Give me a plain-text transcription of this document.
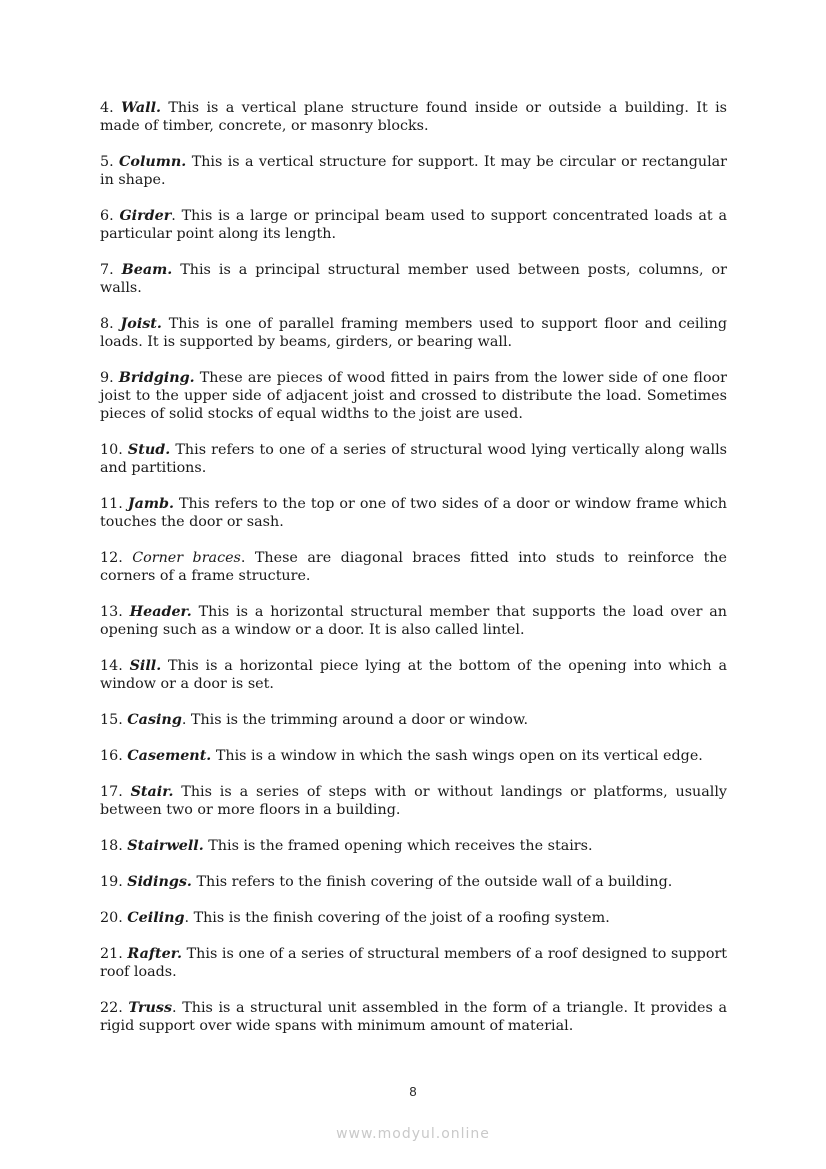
4. Wall. This is a vertical plane structure found inside or outside a building. It is made of timber, concrete, or masonry blocks.

5. Column. This is a vertical structure for support. It may be circular or rectangular in shape.

6. Girder. This is a large or principal beam used to support concentrated loads at a particular point along its length.

7. Beam. This is a principal structural member used between posts, columns, or walls.

8. Joist. This is one of parallel framing members used to support floor and ceiling loads. It is supported by beams, girders, or bearing wall.

9. Bridging. These are pieces of wood fitted in pairs from the lower side of one floor joist to the upper side of adjacent joist and crossed to distribute the load. Sometimes pieces of solid stocks of equal widths to the joist are used.

10. Stud. This refers to one of a series of structural wood lying vertically along walls and partitions.

11. Jamb. This refers to the top or one of two sides of a door or window frame which touches the door or sash.

12. Corner braces. These are diagonal braces fitted into studs to reinforce the corners of a frame structure.

13. Header. This is a horizontal structural member that supports the load over an opening such as a window or a door. It is also called lintel.

14. Sill. This is a horizontal piece lying at the bottom of the opening into which a window or a door is set.

15. Casing. This is the trimming around a door or window.

16. Casement. This is a window in which the sash wings open on its vertical edge.

17. Stair. This is a series of steps with or without landings or platforms, usually between two or more floors in a building.

18. Stairwell. This is the framed opening which receives the stairs.

19. Sidings. This refers to the finish covering of the outside wall of a building.

20. Ceiling. This is the finish covering of the joist of a roofing system.

21. Rafter. This is one of a series of structural members of a roof designed to support roof loads.

22. Truss. This is a structural unit assembled in the form of a triangle. It provides a rigid support over wide spans with minimum amount of material.

8
www.modyul.online
